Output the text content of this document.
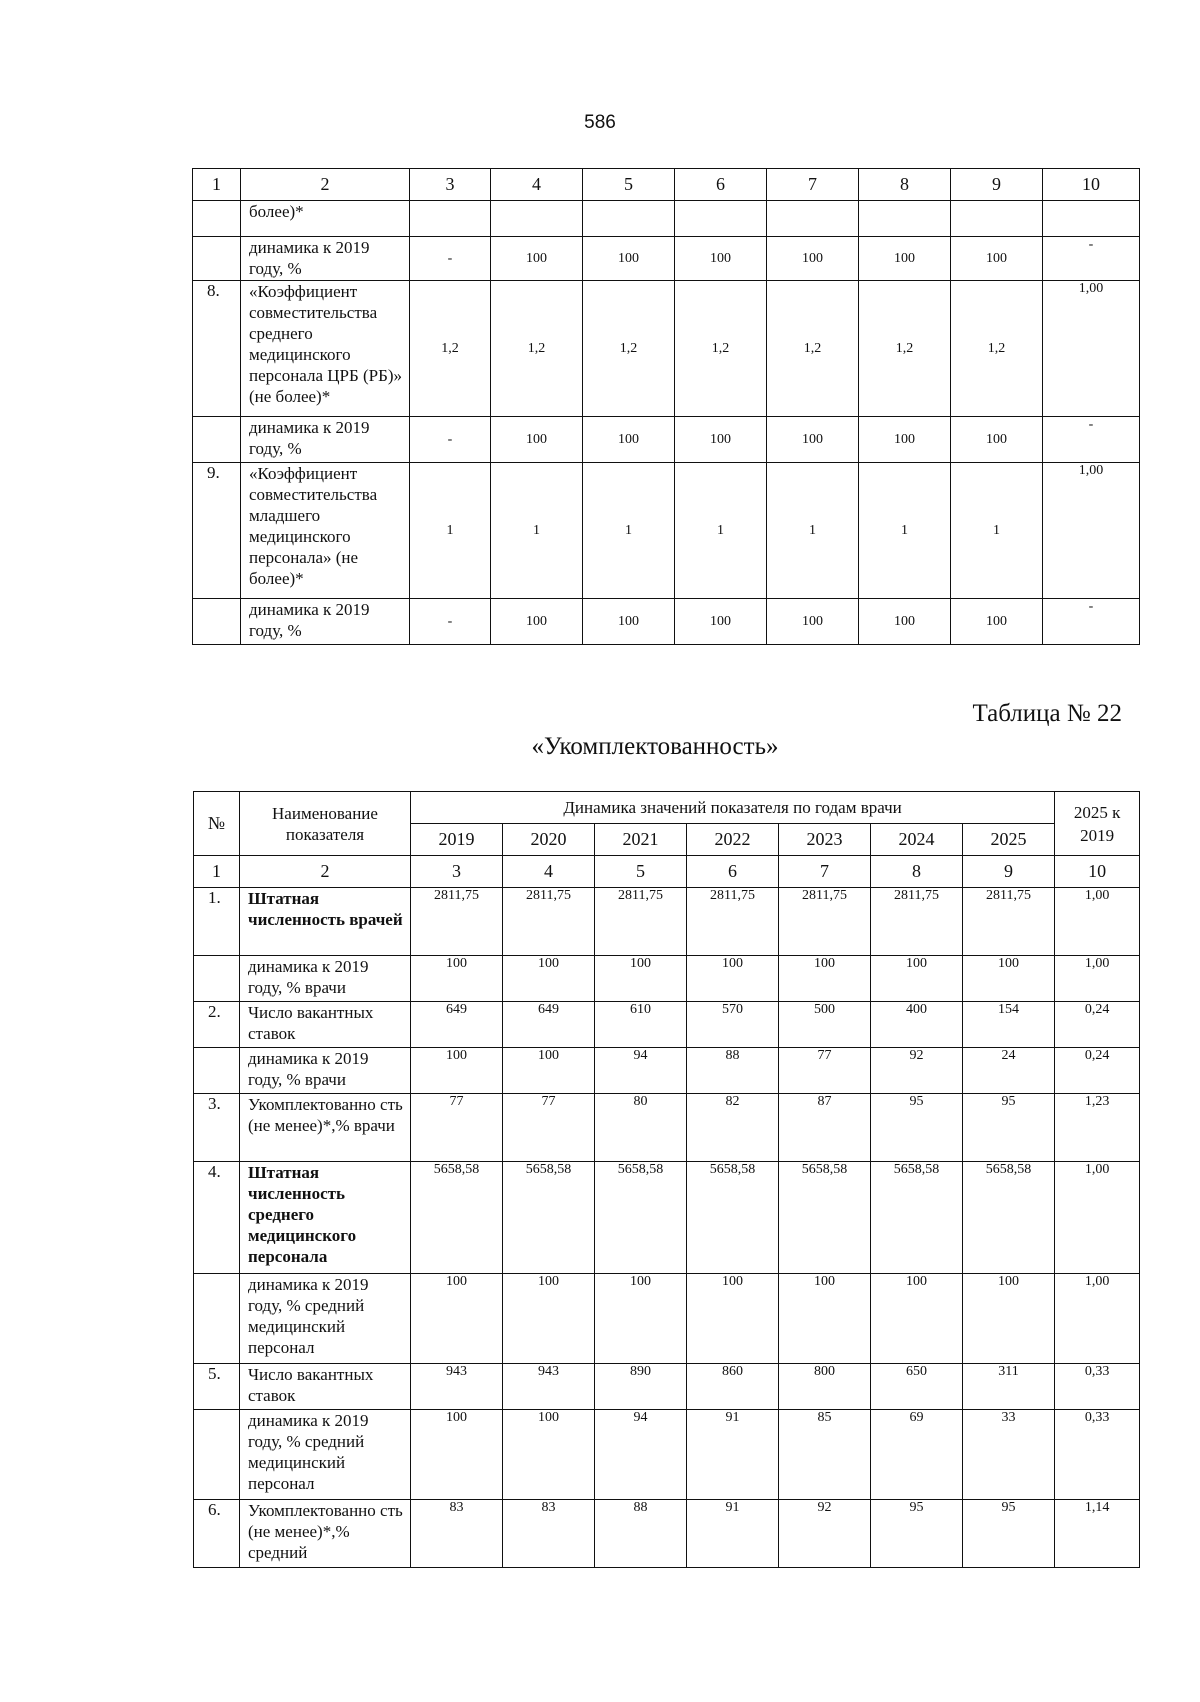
586
1	2	3	4	5	6	7	8	9	10
	более)*								
	динамика к 2019 году, %	-	100	100	100	100	100	100	-
8.	«Коэффициент совместительства среднего медицинского персонала ЦРБ (РБ)» (не более)*	1,2	1,2	1,2	1,2	1,2	1,2	1,2	1,00
	динамика к 2019 году, %	-	100	100	100	100	100	100	-
9.	«Коэффициент совместительства младшего медицинского персонала» (не более)*	1	1	1	1	1	1	1	1,00
	динамика к 2019 году, %	-	100	100	100	100	100	100	-
Таблица № 22
«Укомплектованность»
№	Наименование показателя	Динамика значений показателя по годам врачи							2025 к 2019
		2019	2020	2021	2022	2023	2024	2025	
1	2	3	4	5	6	7	8	9	10
1.	Штатная численность врачей	2811,75	2811,75	2811,75	2811,75	2811,75	2811,75	2811,75	1,00
	динамика к 2019 году, % врачи	100	100	100	100	100	100	100	1,00
2.	Число вакантных ставок	649	649	610	570	500	400	154	0,24
	динамика к 2019 году, % врачи	100	100	94	88	77	92	24	0,24
3.	Укомплектованно сть (не менее)*,% врачи	77	77	80	82	87	95	95	1,23
4.	Штатная численность среднего медицинского персонала	5658,58	5658,58	5658,58	5658,58	5658,58	5658,58	5658,58	1,00
	динамика к 2019 году, % средний медицинский персонал	100	100	100	100	100	100	100	1,00
5.	Число вакантных ставок	943	943	890	860	800	650	311	0,33
	динамика к 2019 году, % средний медицинский персонал	100	100	94	91	85	69	33	0,33
6.	Укомплектованно сть (не менее)*,% средний	83	83	88	91	92	95	95	1,14
